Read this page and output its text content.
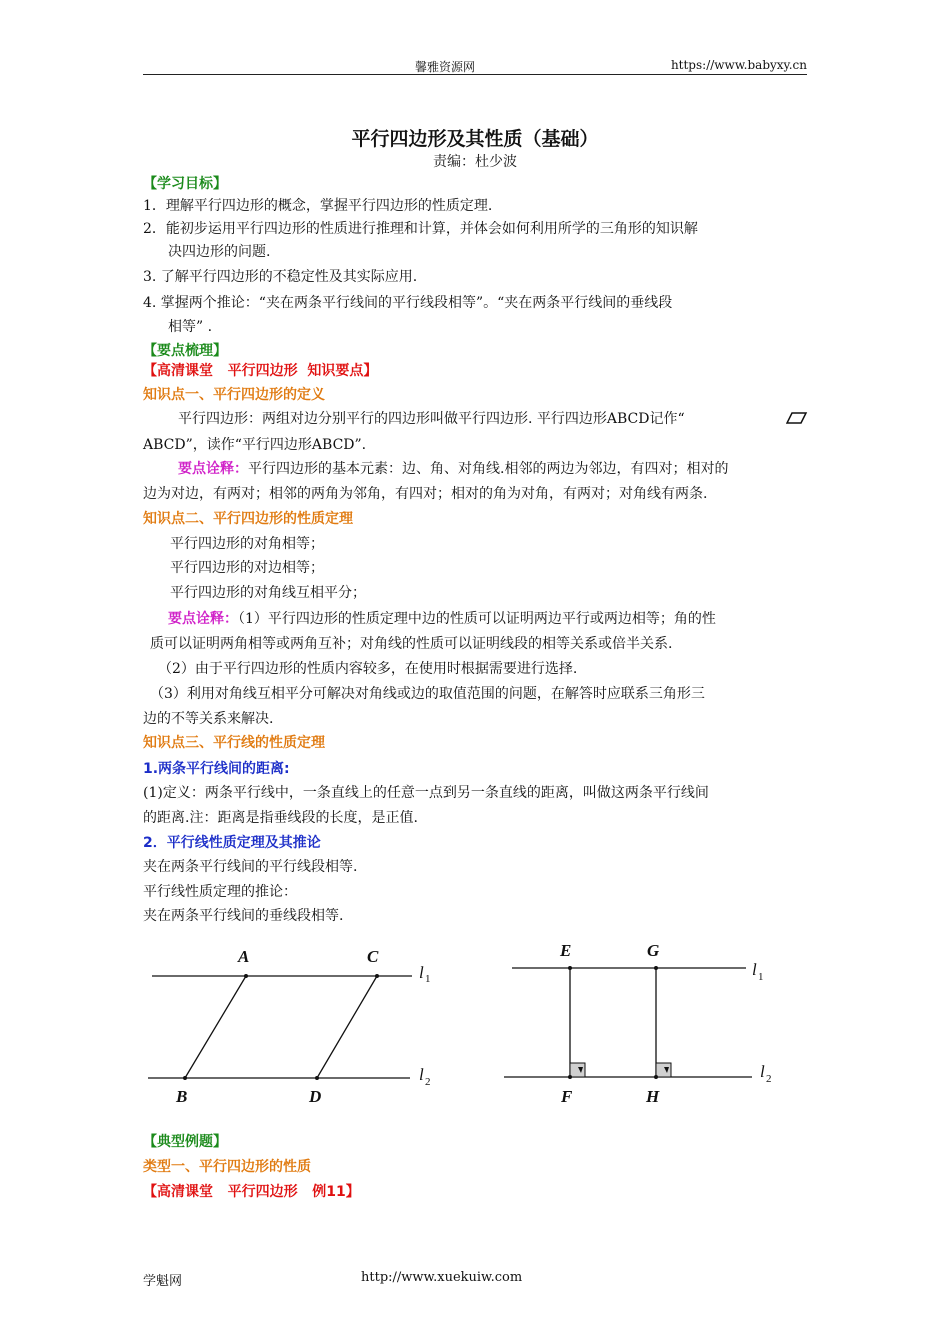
馨雅资源网	https://www.babyxy.cn
平行四边形及其性质（基础）
责编：杜少波
【学习目标】
1．理解平行四边形的概念，掌握平行四边形的性质定理.
2．能初步运用平行四边形的性质进行推理和计算，并体会如何利用所学的三角形的知识解
决四边形的问题.
3. 了解平行四边形的不稳定性及其实际应用.
4. 掌握两个推论：“夹在两条平行线间的平行线段相等”。“夹在两条平行线间的垂线段
相等” .
【要点梳理】
【高清课堂   平行四边形  知识要点】
知识点一、平行四边形的定义
平行四边形：两组对边分别平行的四边形叫做平行四边形. 平行四边形ABCD记作“
ABCD”，读作“平行四边形ABCD”.
要点诠释：平行四边形的基本元素：边、角、对角线.相邻的两边为邻边，有四对；相对的
边为对边，有两对；相邻的两角为邻角，有四对；相对的角为对角，有两对；对角线有两条.
知识点二、平行四边形的性质定理
平行四边形的对角相等；
平行四边形的对边相等；
平行四边形的对角线互相平分；
要点诠释：（1）平行四边形的性质定理中边的性质可以证明两边平行或两边相等；角的性
质可以证明两角相等或两角互补；对角线的性质可以证明线段的相等关系或倍半关系.
（2）由于平行四边形的性质内容较多，在使用时根据需要进行选择.
（3）利用对角线互相平分可解决对角线或边的取值范围的问题，在解答时应联系三角形三
边的不等关系来解决.
知识点三、平行线的性质定理
1.两条平行线间的距离:
(1)定义：两条平行线中，一条直线上的任意一点到另一条直线的距离，叫做这两条平行线间
的距离.注：距离是指垂线段的长度，是正值.
2．平行线性质定理及其推论
夹在两条平行线间的平行线段相等.
平行线性质定理的推论：
夹在两条平行线间的垂线段相等.
A	C
B	D
l 1
l 2
E	G
F	H
l 1
l 2
【典型例题】
类型一、平行四边形的性质
【高清课堂   平行四边形   例11】
学魁网	http://www.xuekuiw.com
